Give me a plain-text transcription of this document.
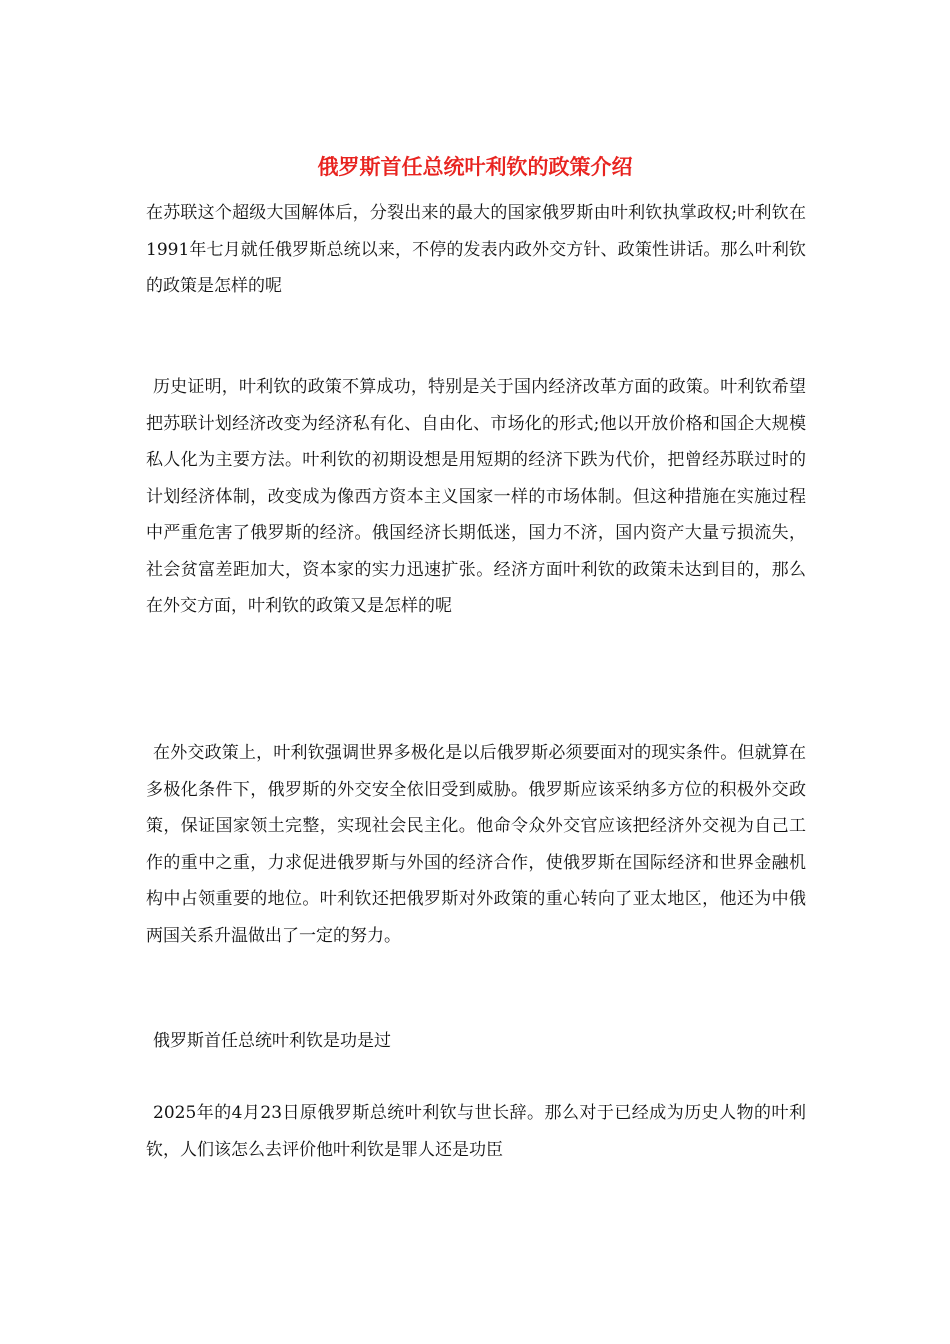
俄罗斯首任总统叶利钦的政策介绍

在苏联这个超级大国解体后，分裂出来的最大的国家俄罗斯由叶利钦执掌政权;叶利钦在1991年七月就任俄罗斯总统以来，不停的发表内政外交方针、政策性讲话。那么叶利钦的政策是怎样的呢

历史证明，叶利钦的政策不算成功，特别是关于国内经济改革方面的政策。叶利钦希望把苏联计划经济改变为经济私有化、自由化、市场化的形式;他以开放价格和国企大规模私人化为主要方法。叶利钦的初期设想是用短期的经济下跌为代价，把曾经苏联过时的计划经济体制，改变成为像西方资本主义国家一样的市场体制。但这种措施在实施过程中严重危害了俄罗斯的经济。俄国经济长期低迷，国力不济，国内资产大量亏损流失，社会贫富差距加大，资本家的实力迅速扩张。经济方面叶利钦的政策未达到目的，那么在外交方面，叶利钦的政策又是怎样的呢

在外交政策上，叶利钦强调世界多极化是以后俄罗斯必须要面对的现实条件。但就算在多极化条件下，俄罗斯的外交安全依旧受到威胁。俄罗斯应该采纳多方位的积极外交政策，保证国家领土完整，实现社会民主化。他命令众外交官应该把经济外交视为自己工作的重中之重，力求促进俄罗斯与外国的经济合作，使俄罗斯在国际经济和世界金融机构中占领重要的地位。叶利钦还把俄罗斯对外政策的重心转向了亚太地区，他还为中俄两国关系升温做出了一定的努力。

俄罗斯首任总统叶利钦是功是过

2025年的4月23日原俄罗斯总统叶利钦与世长辞。那么对于已经成为历史人物的叶利钦，人们该怎么去评价他叶利钦是罪人还是功臣
